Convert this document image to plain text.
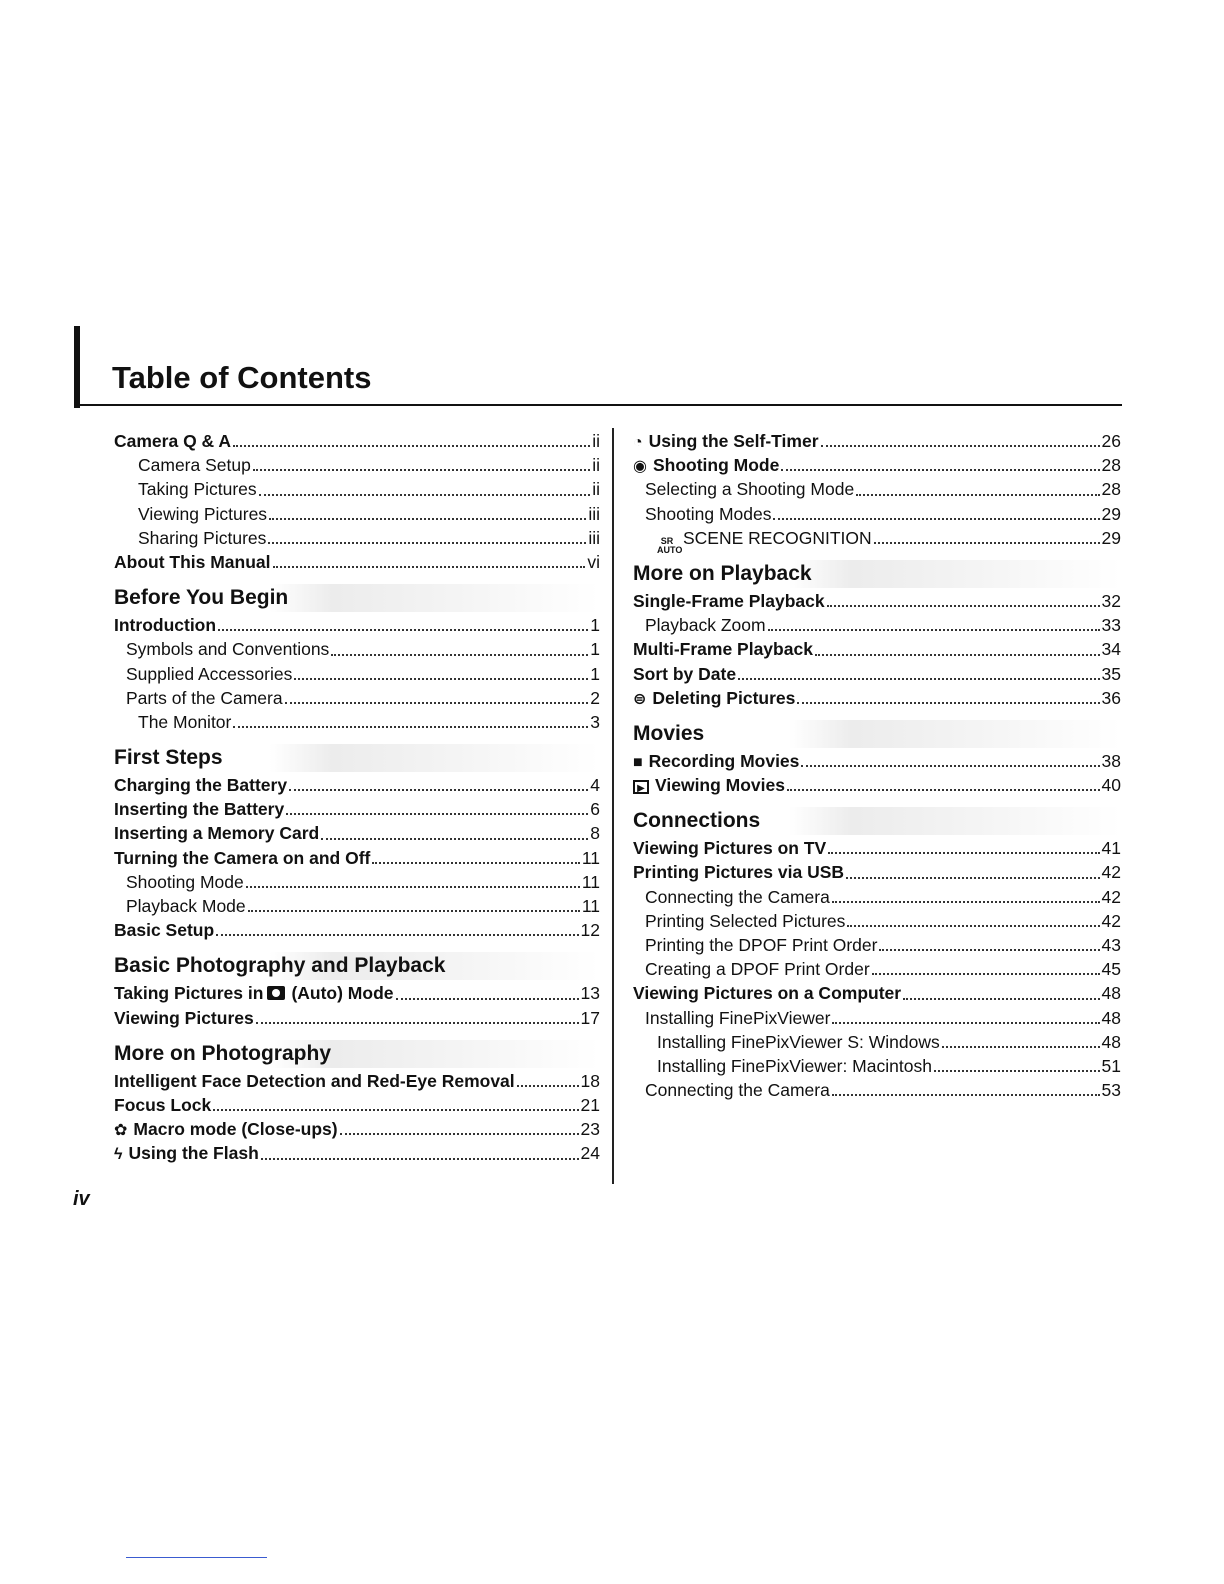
Table of Contents
Camera Q & A	ii
Camera Setup	ii
Taking Pictures	ii
Viewing Pictures	iii
Sharing Pictures	iii
About This Manual	vi
Before You Begin
Introduction	1
Symbols and Conventions	1
Supplied Accessories	1
Parts of the Camera	2
The Monitor	3
First Steps
Charging the Battery	4
Inserting the Battery	6
Inserting a Memory Card	8
Turning the Camera on and Off	11
Shooting Mode	11
Playback Mode	11
Basic Setup	12
Basic Photography and Playback
Taking Pictures in (Auto) Mode	13
Viewing Pictures	17
More on Photography
Intelligent Face Detection and Red-Eye Removal	18
Focus Lock	21
✿ Macro mode (Close-ups)	23
ϟ Using the Flash	24
◔ Using the Self-Timer	26
◉ Shooting Mode	28
Selecting a Shooting Mode	28
Shooting Modes	29
SR
AUTO
SCENE RECOGNITION	29
More on Playback
Single-Frame Playback	32
Playback Zoom	33
Multi-Frame Playback	34
Sort by Date	35
⊜ Deleting Pictures	36
Movies
■ Recording Movies	38
▶ Viewing Movies	40
Connections
Viewing Pictures on TV	41
Printing Pictures via USB	42
Connecting the Camera	42
Printing Selected Pictures	42
Printing the DPOF Print Order	43
Creating a DPOF Print Order	45
Viewing Pictures on a Computer	48
Installing FinePixViewer	48
Installing FinePixViewer S: Windows	48
Installing FinePixViewer: Macintosh	51
Connecting the Camera	53
iv
